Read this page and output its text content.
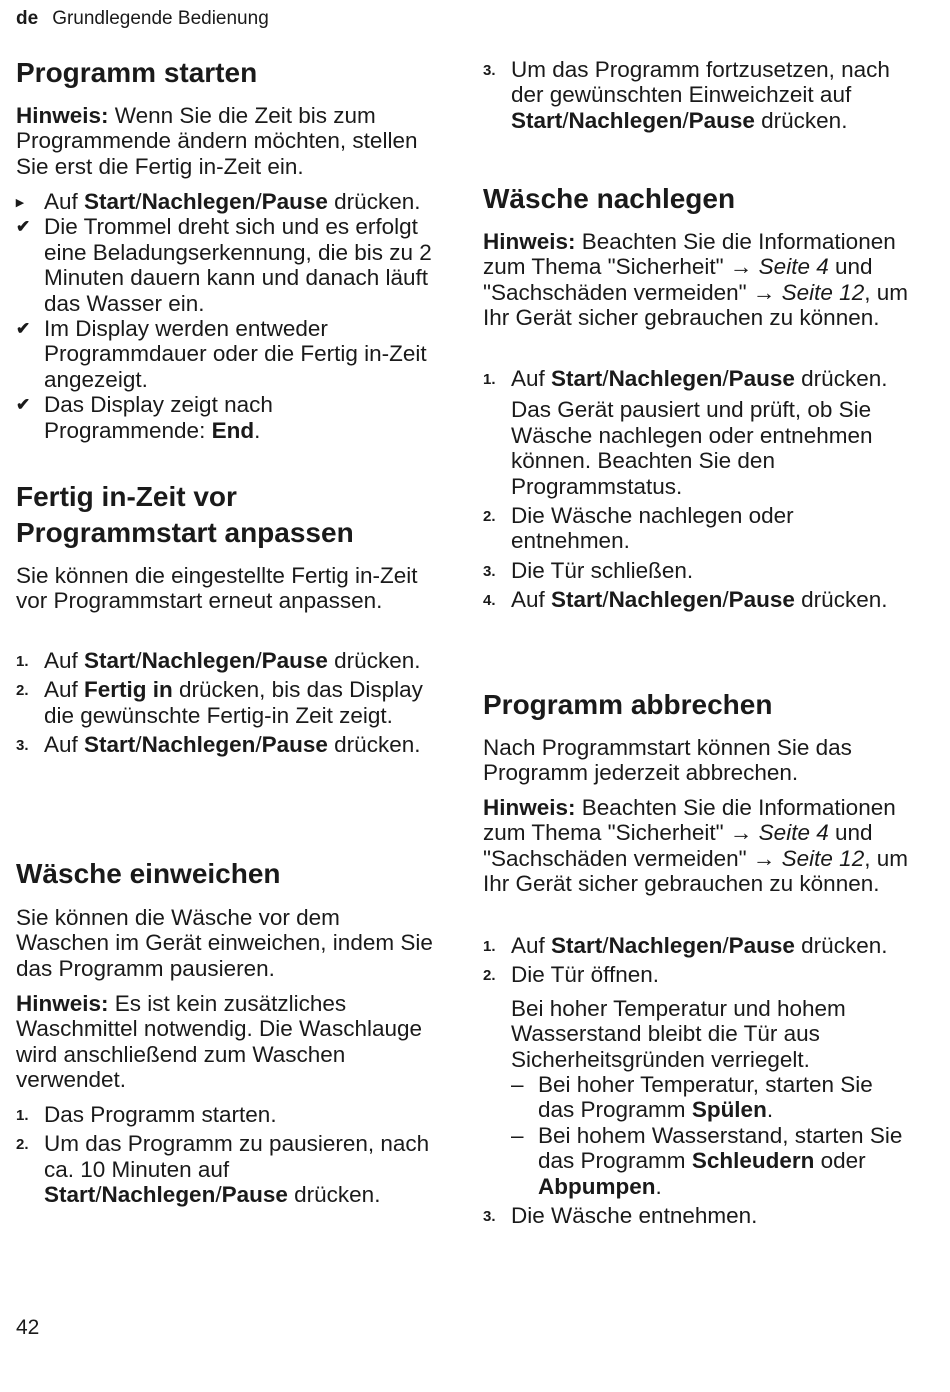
de Grundlegende Bedienung
Programm starten

Hinweis: Wenn Sie die Zeit bis zum Programmende ändern möchten, stellen Sie erst die Fertig in-Zeit ein.

▸ Auf Start/Nachlegen/Pause drücken.
✔ Die Trommel dreht sich und es erfolgt eine Beladungserkennung, die bis zu 2 Minuten dauern kann und danach läuft das Wasser ein.
✔ Im Display werden entweder Programmdauer oder die Fertig in-Zeit angezeigt.
✔ Das Display zeigt nach Programmende: End.
Fertig in-Zeit vor Programmstart anpassen

Sie können die eingestellte Fertig in-Zeit vor Programmstart erneut anpassen.

1. Auf Start/Nachlegen/Pause drücken.
2. Auf Fertig in drücken, bis das Display die gewünschte Fertig-in Zeit zeigt.
3. Auf Start/Nachlegen/Pause drücken.
Wäsche einweichen

Sie können die Wäsche vor dem Waschen im Gerät einweichen, indem Sie das Programm pausieren.

Hinweis: Es ist kein zusätzliches Waschmittel notwendig. Die Waschlauge wird anschließend zum Waschen verwendet.

1. Das Programm starten.
2. Um das Programm zu pausieren, nach ca. 10 Minuten auf Start/Nachlegen/Pause drücken.
3. Um das Programm fortzusetzen, nach der gewünschten Einweichzeit auf Start/Nachlegen/Pause drücken.
Wäsche nachlegen

Hinweis: Beachten Sie die Informationen zum Thema "Sicherheit" → Seite 4 und "Sachschäden vermeiden" → Seite 12, um Ihr Gerät sicher gebrauchen zu können.

1. Auf Start/Nachlegen/Pause drücken.
Das Gerät pausiert und prüft, ob Sie Wäsche nachlegen oder entnehmen können. Beachten Sie den Programmstatus.
2. Die Wäsche nachlegen oder entnehmen.
3. Die Tür schließen.
4. Auf Start/Nachlegen/Pause drücken.
Programm abbrechen

Nach Programmstart können Sie das Programm jederzeit abbrechen.

Hinweis: Beachten Sie die Informationen zum Thema "Sicherheit" → Seite 4 und "Sachschäden vermeiden" → Seite 12, um Ihr Gerät sicher gebrauchen zu können.

1. Auf Start/Nachlegen/Pause drücken.
2. Die Tür öffnen.
Bei hoher Temperatur und hohem Wasserstand bleibt die Tür aus Sicherheitsgründen verriegelt.
– Bei hoher Temperatur, starten Sie das Programm Spülen.
– Bei hohem Wasserstand, starten Sie das Programm Schleudern oder Abpumpen.
3. Die Wäsche entnehmen.
42
